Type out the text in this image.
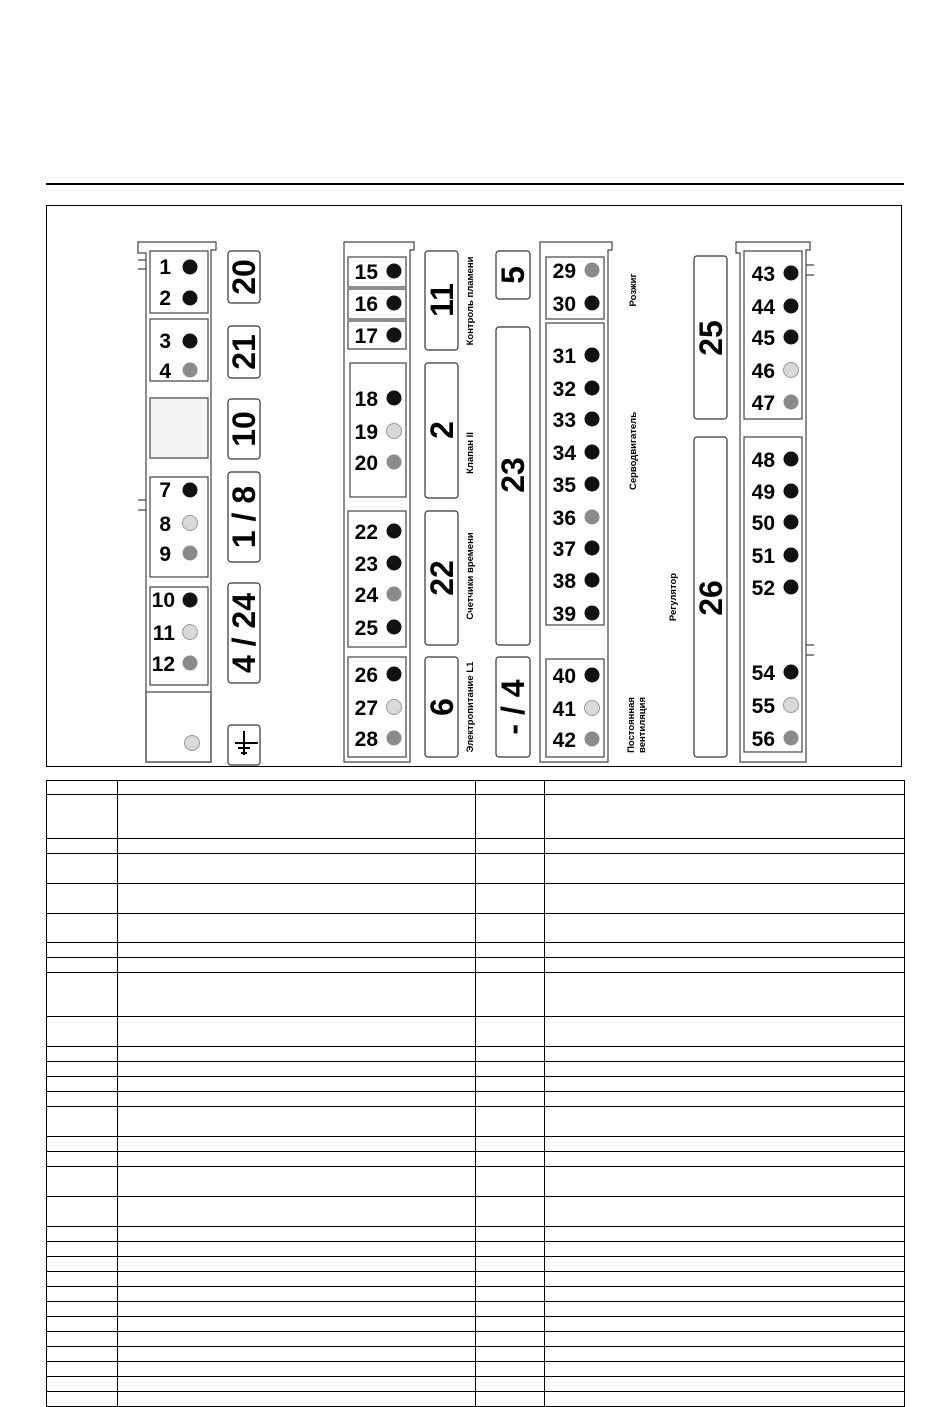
1
2
3
4
7
8
9
10
11
12
15
16
17
18
19
20
22
23
24
25
26
27
28
29
30
31
32
33
34
35
36
37
38
39
40
41
42
43
44
45
46
47
48
49
50
51
52
54
55
56
20
21
10
1 / 8
4 / 24
11
2
22
6
5
23
- / 4
25
26
Контроль пламени
Клапан II
Счетчики времени
Электропитание L1
Розжиг
Серводвигатель
Регулятор
Постоянная вентиляция
